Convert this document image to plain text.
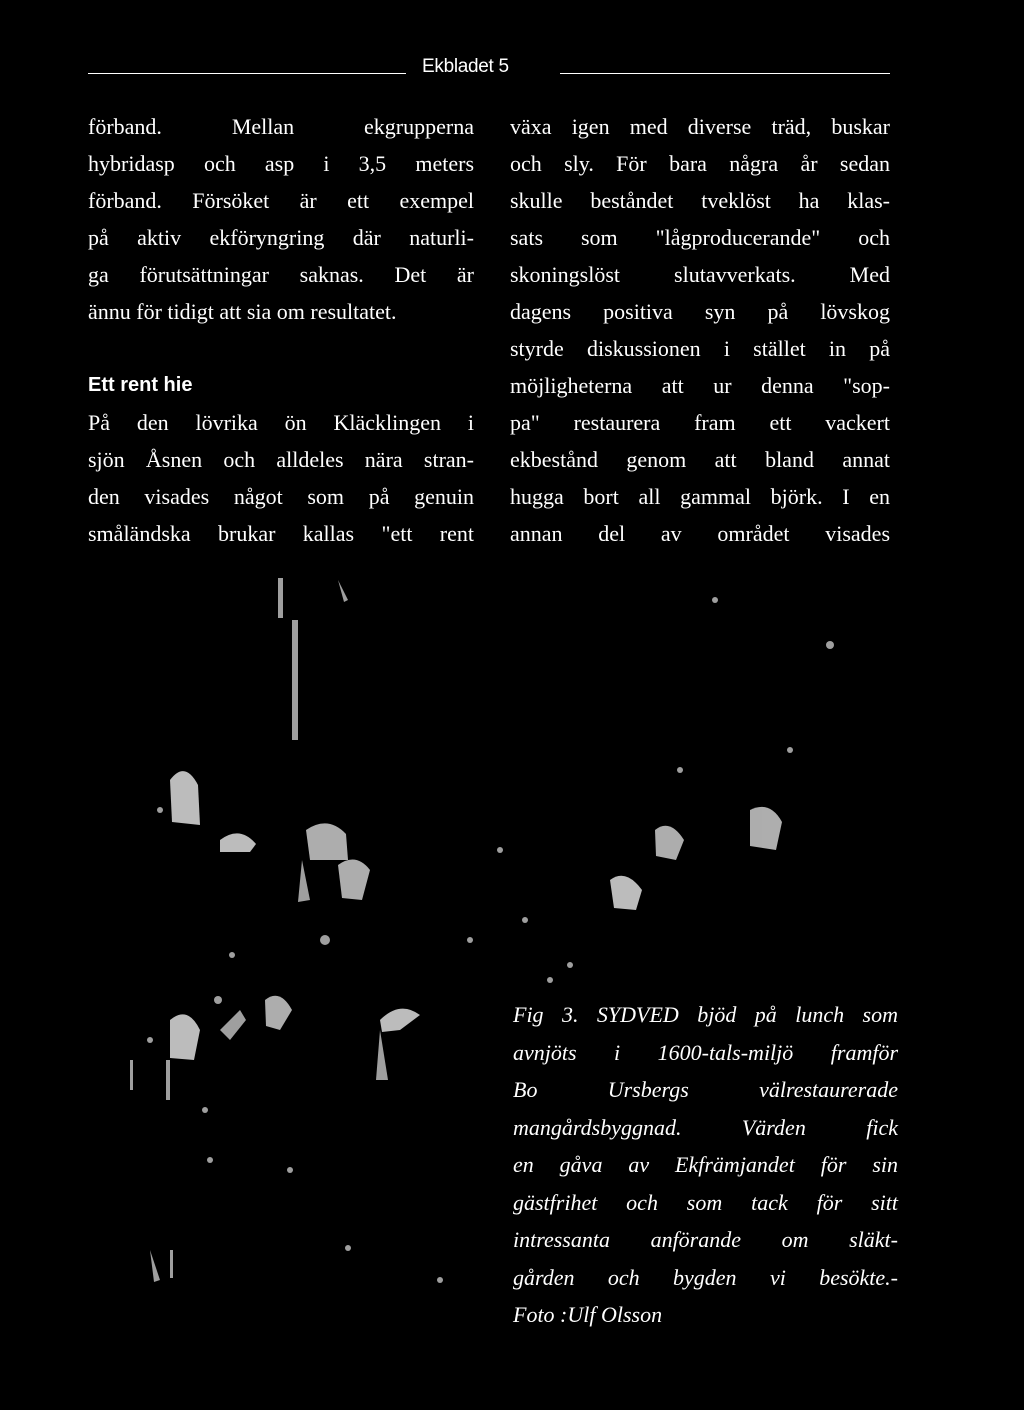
Ekbladet 5
förband. Mellan ekgrupperna
hybridasp och asp i 3,5 meters
förband. Försöket är ett exempel
på aktiv ekföryngring där naturli-
ga förutsättningar saknas. Det är
ännu för tidigt att sia om resultatet.
Ett rent hie
På den lövrika ön Kläcklingen i
sjön Åsnen och alldeles nära stran-
den visades något som på genuin
småländska brukar kallas "ett rent
växa igen med diverse träd, buskar
och sly. För bara några år sedan
skulle beståndet tveklöst ha klas-
sats som "lågproducerande" och
skoningslöst slutavverkats. Med
dagens positiva syn på lövskog
styrde diskussionen i stället in på
möjligheterna att ur denna "sop-
pa" restaurera fram ett vackert
ekbestånd genom att bland annat
hugga bort all gammal björk. I en
annan del av området visades
Fig 3. SYDVED bjöd på lunch som
avnjöts i 1600-tals-miljö framför
Bo Ursbergs välrestaurerade
mangårdsbyggnad. Värden fick
en gåva av Ekfrämjandet för sin
gästfrihet och som tack för sitt
intressanta anförande om släkt-
gården och bygden vi besökte.-
Foto :Ulf Olsson
